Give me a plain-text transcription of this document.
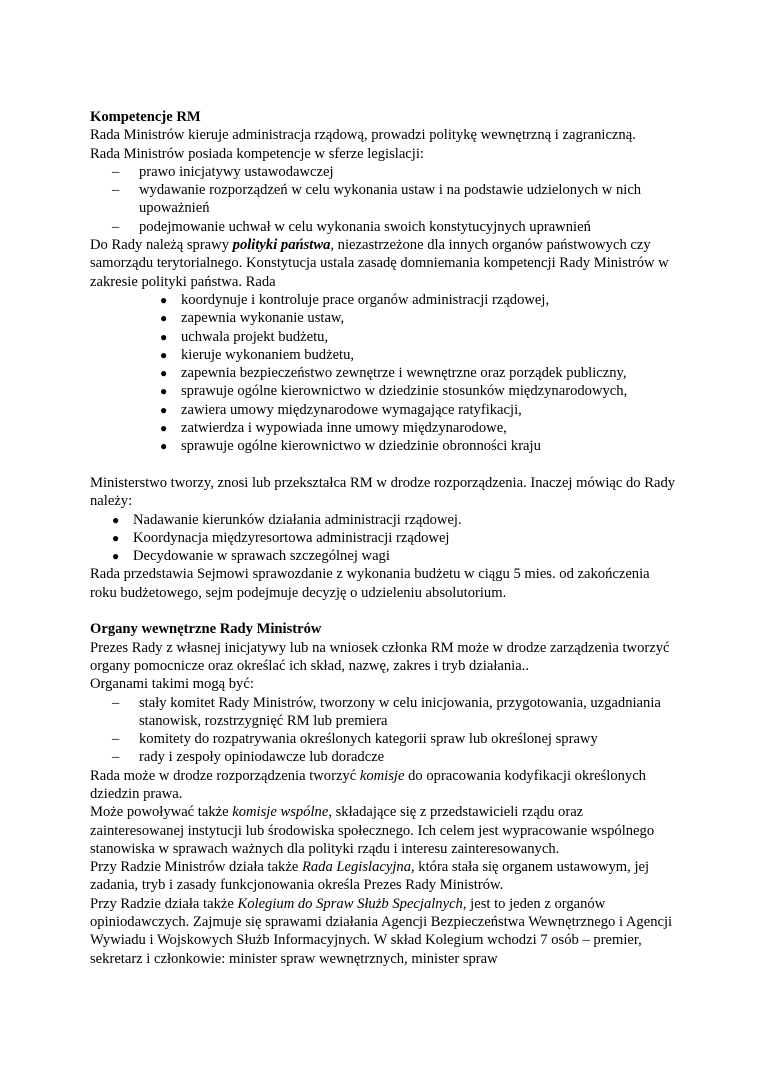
Kompetencje RM

Rada Ministrów kieruje administracja rządową, prowadzi politykę wewnętrzną i zagraniczną.

Rada Ministrów posiada kompetencje w sferze legislacji:

– prawo inicjatywy ustawodawczej
– wydawanie rozporządzeń w celu wykonania ustaw i na podstawie udzielonych w nich upoważnień
– podejmowanie uchwał w celu wykonania swoich konstytucyjnych uprawnień

Do Rady należą sprawy polityki państwa, niezastrzeżone dla innych organów państwowych czy samorządu terytorialnego. Konstytucja ustala zasadę domniemania kompetencji Rady Ministrów w zakresie polityki państwa. Rada

● koordynuje i kontroluje prace organów administracji rządowej,
● zapewnia wykonanie ustaw,
● uchwala projekt budżetu,
● kieruje wykonaniem budżetu,
● zapewnia bezpieczeństwo zewnętrze i wewnętrzne oraz porządek publiczny,
● sprawuje ogólne kierownictwo w dziedzinie stosunków międzynarodowych,
● zawiera umowy międzynarodowe wymagające ratyfikacji,
● zatwierdza i wypowiada inne umowy międzynarodowe,
● sprawuje ogólne kierownictwo w dziedzinie obronności kraju

Ministerstwo tworzy, znosi lub przekształca RM w drodze rozporządzenia. Inaczej mówiąc do Rady należy:

● Nadawanie kierunków działania administracji rządowej.
● Koordynacja międzyresortowa administracji rządowej
● Decydowanie w sprawach szczególnej wagi

Rada przedstawia Sejmowi sprawozdanie z wykonania budżetu w ciągu 5 mies. od zakończenia roku budżetowego, sejm podejmuje decyzję o udzieleniu absolutorium.

Organy wewnętrzne Rady Ministrów

Prezes Rady z własnej inicjatywy lub na wniosek członka RM może w drodze zarządzenia tworzyć organy pomocnicze oraz określać ich skład, nazwę, zakres i tryb działania..

Organami takimi mogą być:

– stały komitet Rady Ministrów, tworzony w celu inicjowania, przygotowania, uzgadniania stanowisk, rozstrzygnięć RM lub premiera
– komitety do rozpatrywania określonych kategorii spraw lub określonej sprawy
– rady i zespoły opiniodawcze lub doradcze

Rada może w drodze rozporządzenia tworzyć komisje do opracowania kodyfikacji określonych dziedzin prawa.

Może powoływać także komisje wspólne, składające się z przedstawicieli rządu oraz zainteresowanej instytucji lub środowiska społecznego. Ich celem jest wypracowanie wspólnego stanowiska w sprawach ważnych dla polityki rządu i interesu zainteresowanych.

Przy Radzie Ministrów działa także Rada Legislacyjna, która stała się organem ustawowym, jej zadania, tryb i zasady funkcjonowania określa Prezes Rady Ministrów.

Przy Radzie działa także Kolegium do Spraw Służb Specjalnych, jest to jeden z organów opiniodawczych. Zajmuje się sprawami działania Agencji Bezpieczeństwa Wewnętrznego i Agencji Wywiadu i Wojskowych Służb Informacyjnych. W skład Kolegium wchodzi 7 osób – premier, sekretarz i członkowie: minister spraw wewnętrznych, minister spraw
